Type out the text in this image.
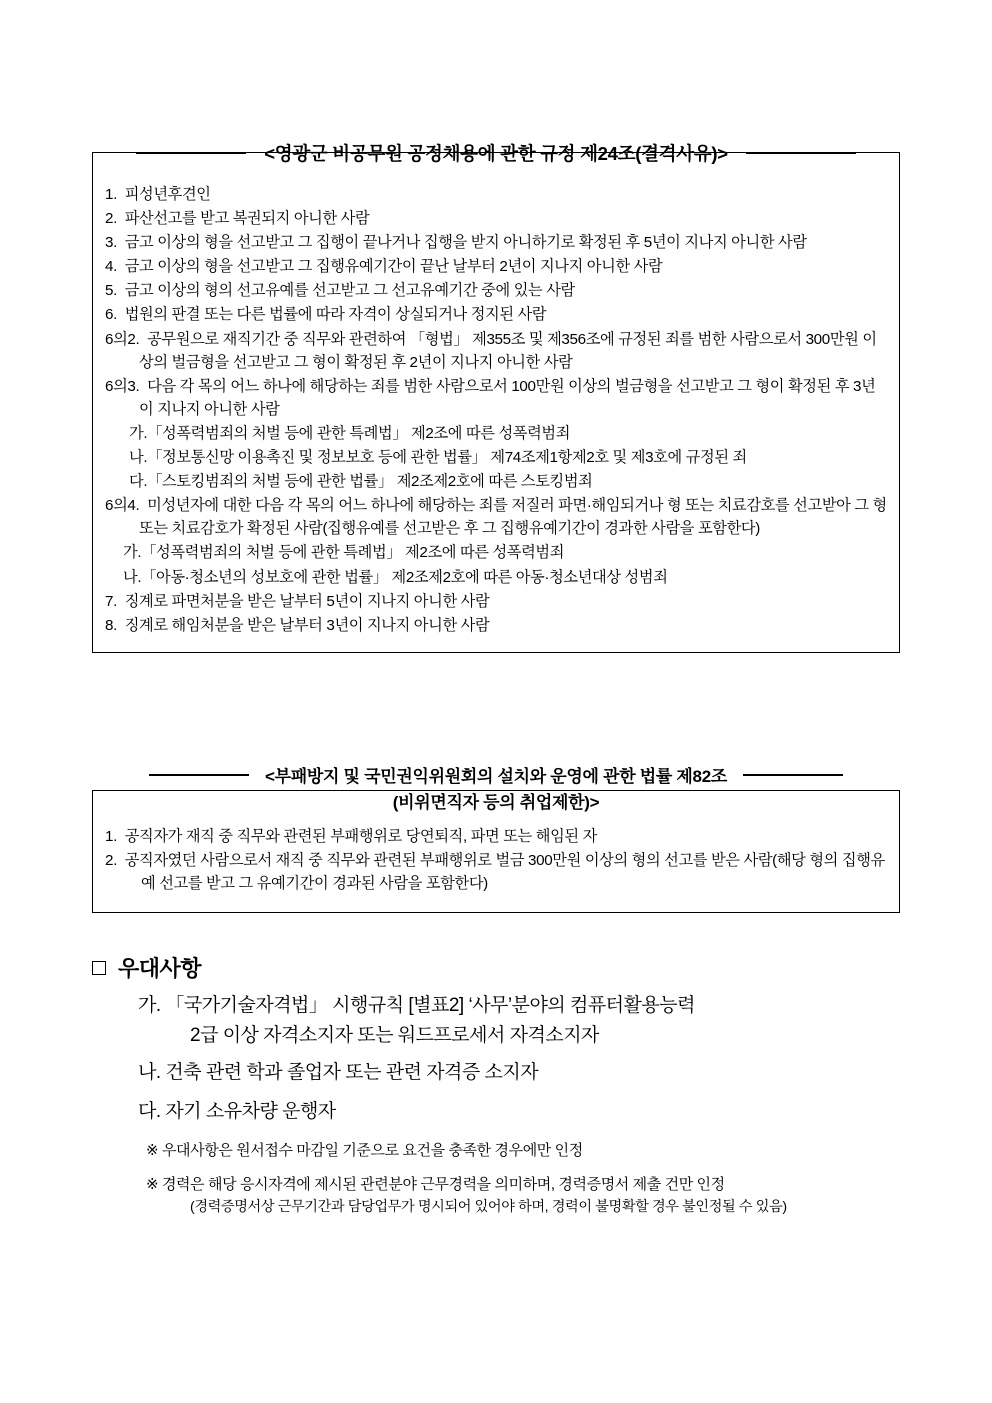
<영광군 비공무원 공정채용에 관한 규정 제24조(결격사유)>

1.  피성년후견인

2.  파산선고를 받고 복권되지 아니한 사람

3.  금고 이상의 형을 선고받고 그 집행이 끝나거나 집행을 받지 아니하기로 확정된 후 5년이 지나지 아니한 사람

4.  금고 이상의 형을 선고받고 그 집행유예기간이 끝난 날부터 2년이 지나지 아니한 사람

5.  금고 이상의 형의 선고유예를 선고받고 그 선고유예기간 중에 있는 사람

6.  법원의 판결 또는 다른 법률에 따라 자격이 상실되거나 정지된 사람

6의2.  공무원으로 재직기간 중 직무와 관련하여 「형법」 제355조 및 제356조에 규정된 죄를 범한 사람으로서 300만원 이상의 벌금형을 선고받고 그 형이 확정된 후 2년이 지나지 아니한 사람

6의3.  다음 각 목의 어느 하나에 해당하는 죄를 범한 사람으로서 100만원 이상의 벌금형을 선고받고 그 형이 확정된 후 3년이 지나지 아니한 사람

가.「성폭력범죄의 처벌 등에 관한 특례법」 제2조에 따른 성폭력범죄

나.「정보통신망 이용촉진 및 정보보호 등에 관한 법률」 제74조제1항제2호 및 제3호에 규정된 죄

다.「스토킹범죄의 처벌 등에 관한 법률」 제2조제2호에 따른 스토킹범죄

6의4.  미성년자에 대한 다음 각 목의 어느 하나에 해당하는 죄를 저질러 파면·해임되거나 형 또는 치료감호를 선고받아 그 형 또는 치료감호가 확정된 사람(집행유예를 선고받은 후 그 집행유예기간이 경과한 사람을 포함한다)

가.「성폭력범죄의 처벌 등에 관한 특례법」 제2조에 따른 성폭력범죄

나.「아동·청소년의 성보호에 관한 법률」 제2조제2호에 따른 아동·청소년대상 성범죄

7.  징계로 파면처분을 받은 날부터 5년이 지나지 아니한 사람

8.  징계로 해임처분을 받은 날부터 3년이 지나지 아니한 사람

<부패방지 및 국민권익위원회의 설치와 운영에 관한 법률 제82조
(비위면직자 등의 취업제한)>

1.  공직자가 재직 중 직무와 관련된 부패행위로 당연퇴직, 파면 또는 해임된 자

2.  공직자였던 사람으로서 재직 중 직무와 관련된 부패행위로 벌금 300만원 이상의 형의 선고를 받은 사람(해당 형의 집행유예 선고를 받고 그 유예기간이 경과된 사람을 포함한다)

우대사항
가. 「국가기술자격법」 시행규칙 [별표2] ‘사무’분야의 컴퓨터활용능력
2급 이상 자격소지자 또는 워드프로세서 자격소지자
나. 건축 관련 학과 졸업자 또는 관련 자격증 소지자
다. 자기 소유차량 운행자
※ 우대사항은 원서접수 마감일 기준으로 요건을 충족한 경우에만 인정
※ 경력은 해당 응시자격에 제시된 관련분야 근무경력을 의미하며, 경력증명서 제출 건만 인정
(경력증명서상 근무기간과 담당업무가 명시되어 있어야 하며, 경력이 불명확할 경우 불인정될 수 있음)
